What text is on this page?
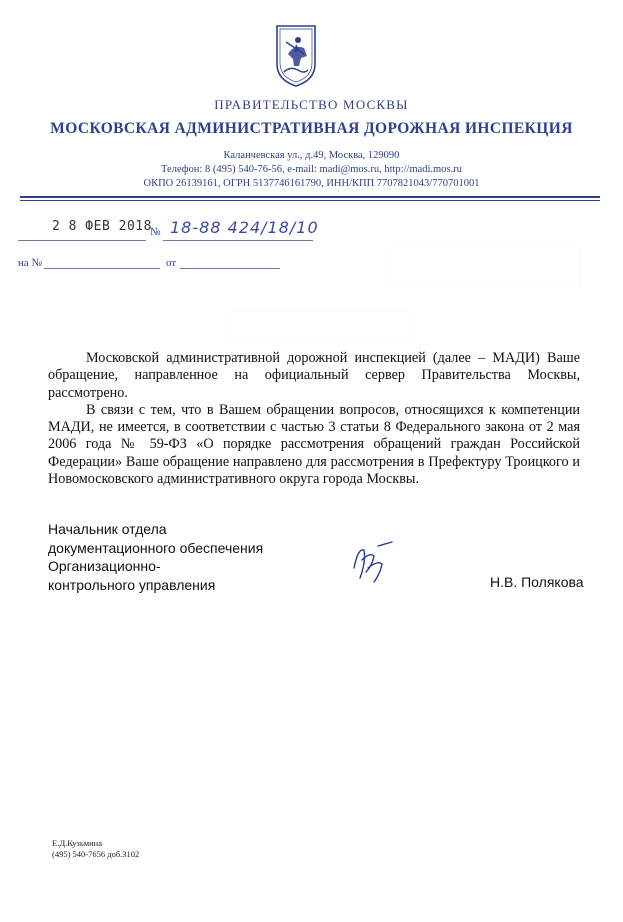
ПРАВИТЕЛЬСТВО МОСКВЫ
МОСКОВСКАЯ АДМИНИСТРАТИВНАЯ ДОРОЖНАЯ ИНСПЕКЦИЯ
Каланчевская ул., д.49, Москва, 129090
Телефон: 8 (495) 540-76-56, e-mail: madi@mos.ru, http://madi.mos.ru
ОКПО 26139161, ОГРН 5137746161790, ИНН/КПП 7707821043/770701001
2 8 ФЕВ 2018
№ 18-88 424/18/10
на №	от

Московской административной дорожной инспекцией (далее – МАДИ) Ваше обращение, направленное на официальный сервер Правительства Москвы, рассмотрено.

В связи с тем, что в Вашем обращении вопросов, относящихся к компетенции МАДИ, не имеется, в соответствии с частью 3 статьи 8 Федерального закона от 2 мая 2006 года № 59-ФЗ «О порядке рассмотрения обращений граждан Российской Федерации» Ваше обращение направлено для рассмотрения в Префектуру Троицкого и Новомосковского административного округа города Москвы.

Начальник отдела
документационного обеспечения
Организационно-
контрольного управления	Н.В. Полякова
Е.Д.Кузьмина
(495) 540-7656 доб.3102
